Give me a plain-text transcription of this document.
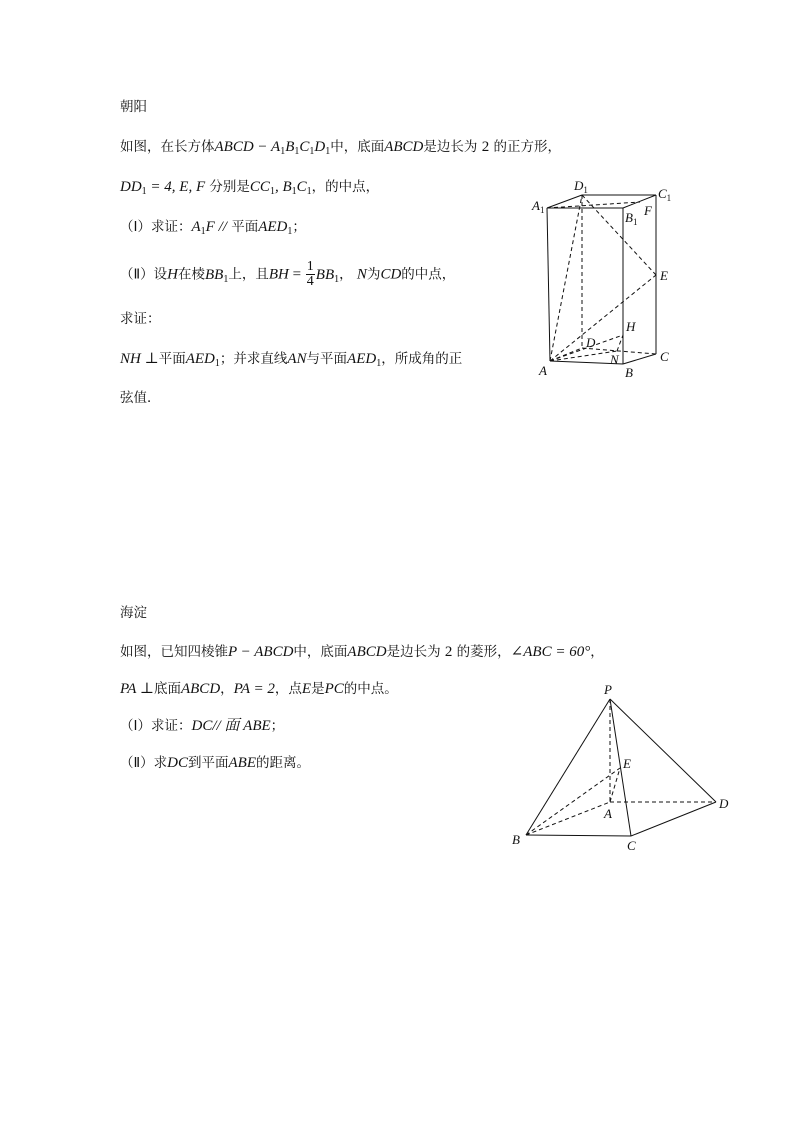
朝阳
如图，在长方体ABCD − $A_1B_1C_1D_1$中，底面ABCD是边长为 2 的正方形，
$DD_1 = 4$, E, F 分别是$CC_1$, $B_1C_1$，的中点，
（Ⅰ）求证：$A_1F$ // 平面$AED_1$；
（Ⅱ）设H在棱$BB_1$上，且BH = $\frac{1}{4} BB_1$， N为CD的中点，
求证：
NH ⊥平面$AED_1$；并求直线AN与平面$AED_1$，所成角的正
弦值．
$D_1$	$C_1$
$A_1$	$B_1$
F
E
H
D
N	C
A	B
海淀
如图，已知四棱锥P − ABCD中，底面ABCD是边长为 2 的菱形，∠ABC = 60°，
PA ⊥底面ABCD，PA = 2，点E是PC的中点。
（Ⅰ）求证：DC// 面 ABE；
（Ⅱ）求DC到平面ABE的距离。
P
E
D
A
B	C
